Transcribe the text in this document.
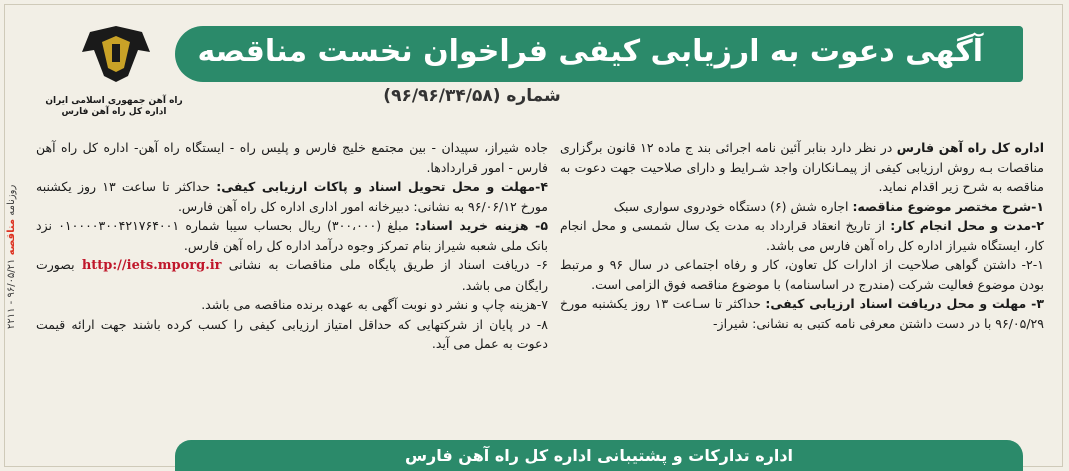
آگهی دعوت به ارزیابی کیفی فراخوان نخست مناقصه
شماره (۹۶/۹۶/۳۴/۵۸)
راه آهن جمهوری اسلامی ایران
اداره کل راه آهن فارس
روزنامه مناقصه ۹۶/۰۵/۲۱ - ۲۲۱۱

اداره کل راه آهن فارس در نظر دارد بنابر آئین نامه اجرائی بند ج ماده ۱۲ قانون برگزاری مناقصات بـه روش ارزیابی کیفی از پیمـانکاران واجد شـرایط و دارای صلاحیت جهت دعوت به مناقصه به شرح زیر اقدام نماید.

۱-شرح مختصر موضوع مناقصه: اجاره شش (۶) دستگاه خودروی سواری سبک

۲-مدت و محل انجام کار: از تاریخ انعقاد قرارداد به مدت یک سال شمسی و محل انجام کار، ایستگاه شیراز اداره کل راه آهن فارس می باشد.

۲-۱- داشتن گواهی صلاحیت از ادارات کل تعاون، کار و رفاه اجتماعی در سال ۹۶ و مرتبط بودن موضوع فعالیت شرکت (مندرج در اساسنامه) با موضوع مناقصه فوق الزامی است.

۳- مهلت و محل دریافت اسناد ارزیابی کیفی: حداکثر تا سـاعت ۱۳ روز یکشنبه مورخ ۹۶/۰۵/۲۹ با در دست داشتن معرفی نامه کتبی به نشانی: شیراز-

جاده شیراز، سپیدان - بین مجتمع خلیج فارس و پلیس راه - ایستگاه راه آهن- اداره کل راه آهن فارس - امور قراردادها.

۴-مهلت و محل تحویل اسناد و پاکات ارزیابی کیفی: حداکثر تا ساعت ۱۳ روز یکشنبه مورخ ۹۶/۰۶/۱۲ به نشانی: دبیرخانه امور اداری اداره کل راه آهن فارس.

۵- هزینه خرید اسناد: مبلغ (۳۰۰،۰۰۰) ریال بحساب سیبا شماره ۰۱۰۰۰۰۳۰۰۴۲۱۷۶۴۰۰۱ نزد بانک ملی شعبه شیراز بنام تمرکز وجوه درآمد اداره کل راه آهن فارس.

۶- دریافت اسناد از طریق پایگاه ملی مناقصات به نشانی http://iets.mporg.ir بصورت رایگان می باشد.

۷-هزینه چاپ و نشر دو نوبت آگهی به عهده برنده مناقصه می باشد.

۸- در پایان از شرکتهایی که حداقل امتیاز ارزیابی کیفی را کسب کرده باشند جهت ارائه قیمت دعوت به عمل می آید.

اداره تدارکات و پشتیبانی اداره کل راه آهن فارس
